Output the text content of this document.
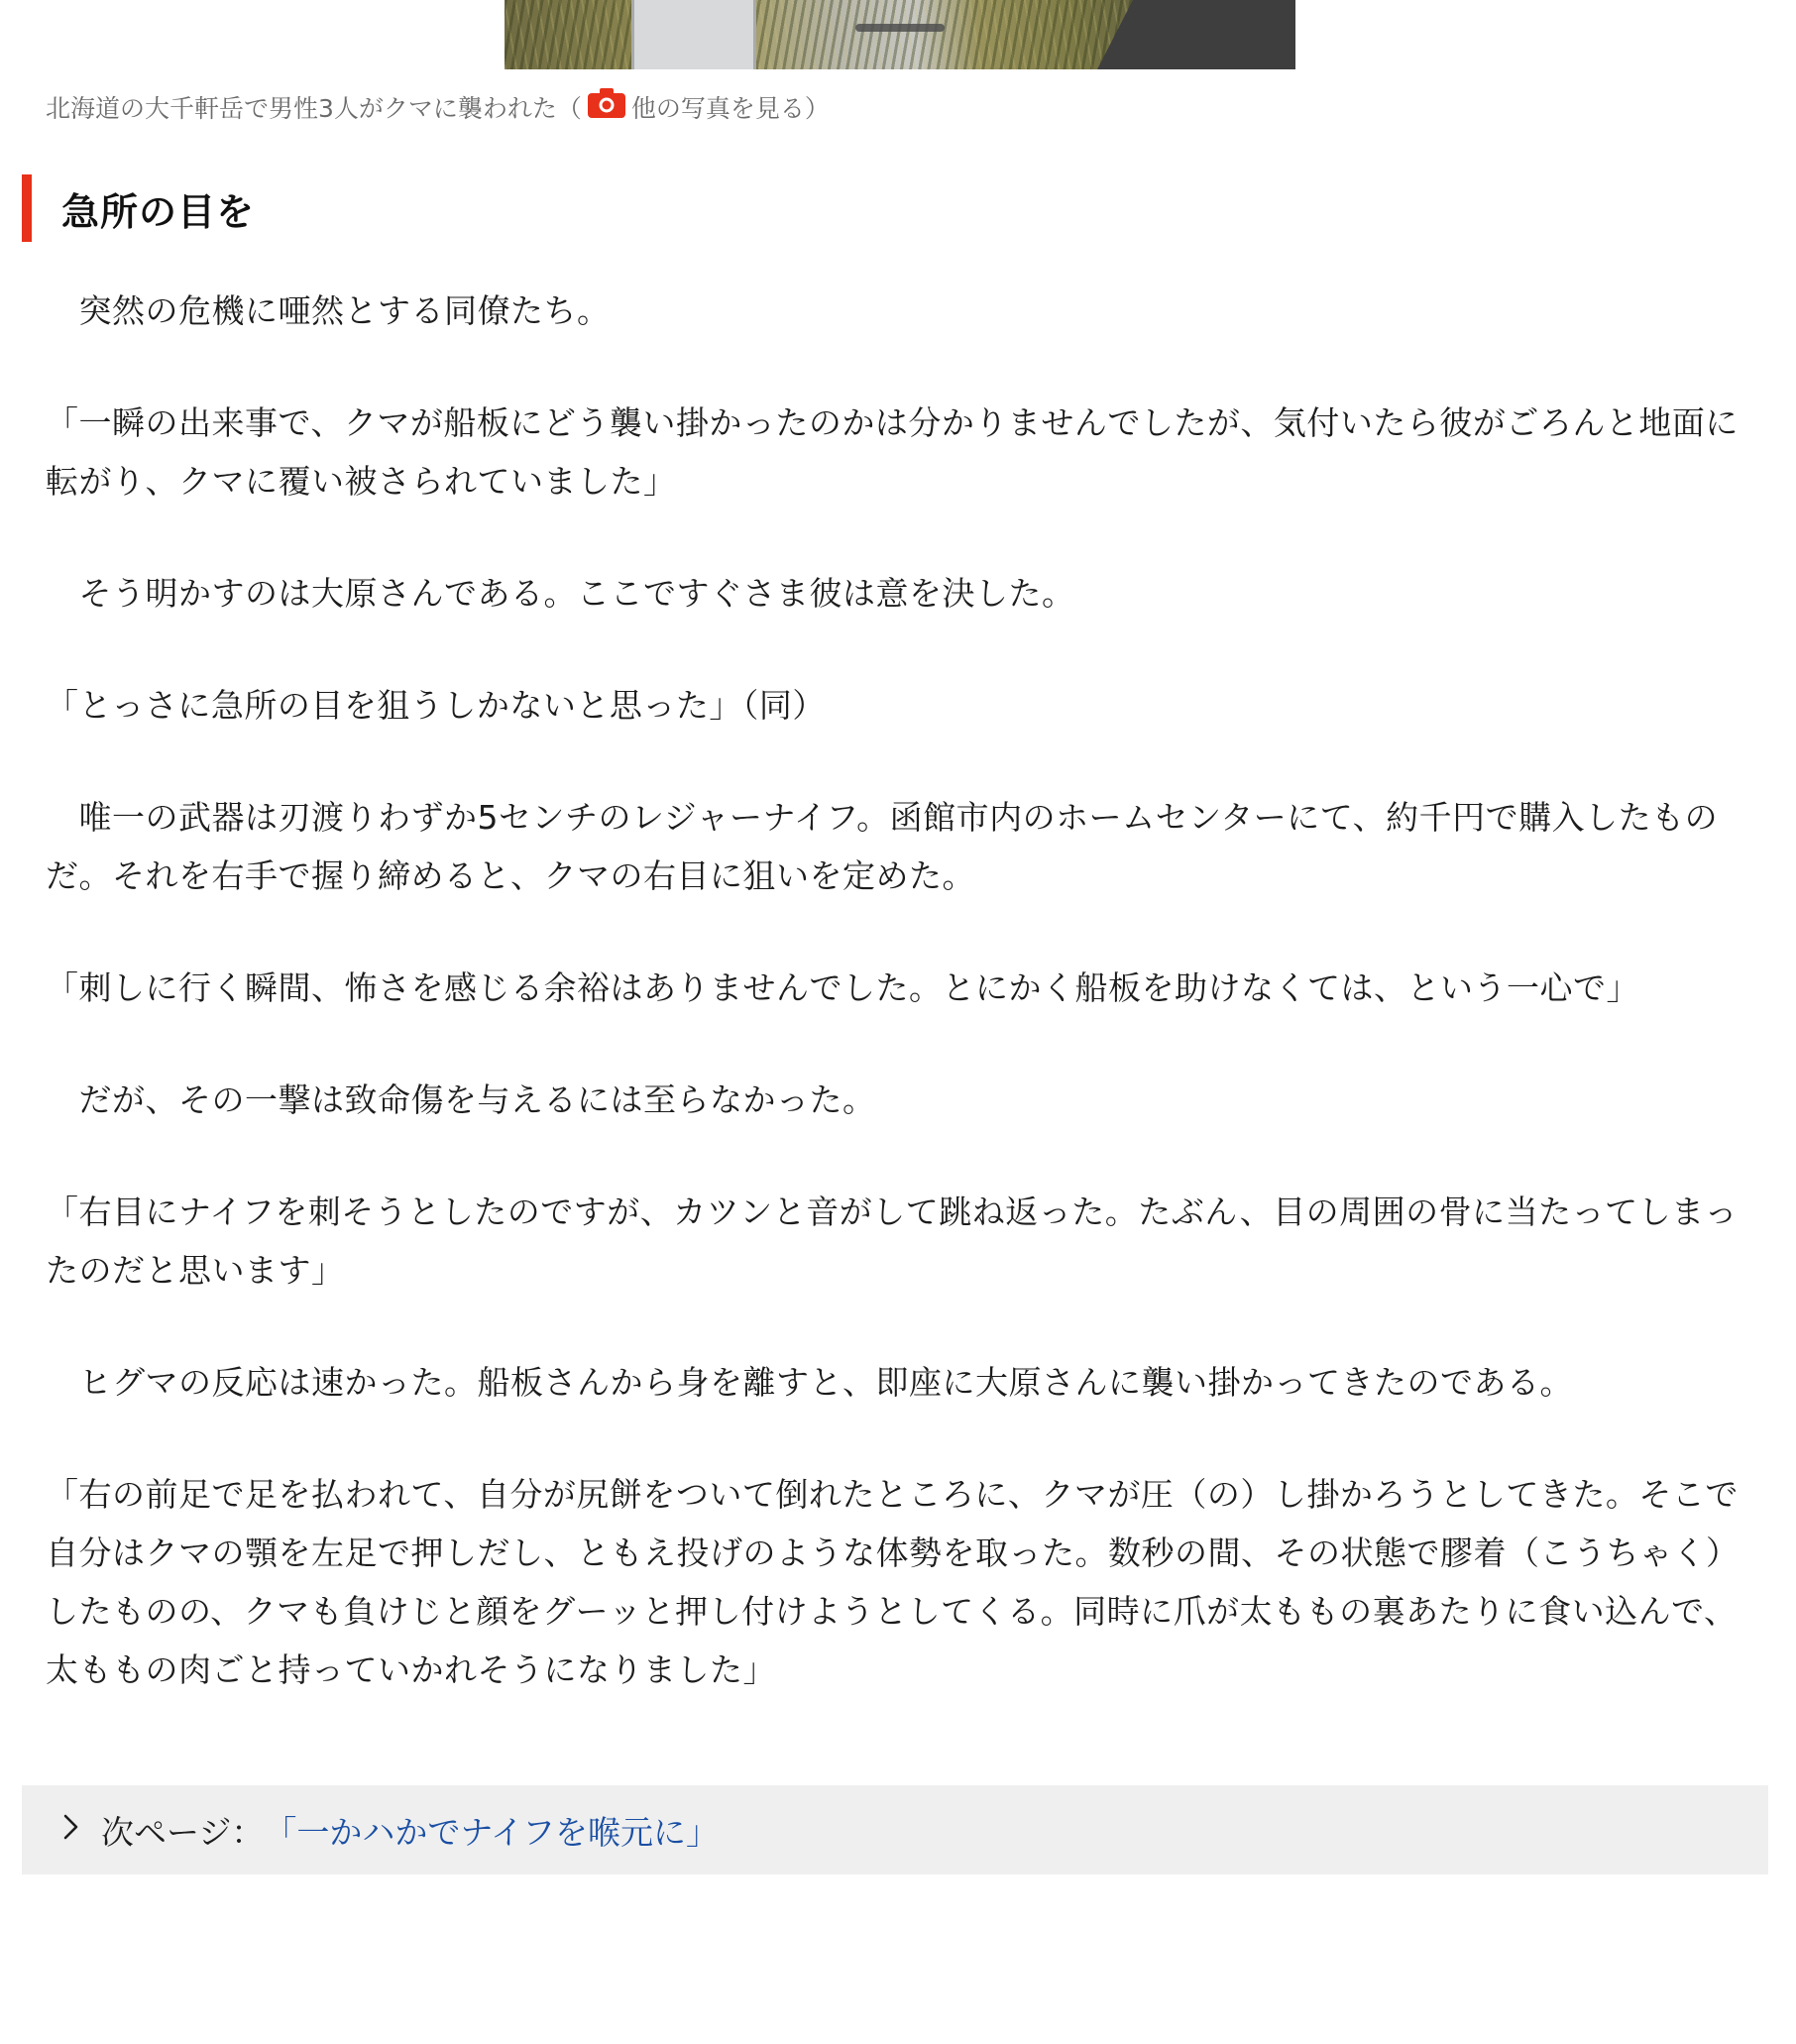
北海道の大千軒岳で男性3人がクマに襲われた（ 他の写真を見る）
急所の目を

　突然の危機に唖然とする同僚たち。

「一瞬の出来事で、クマが船板にどう襲い掛かったのかは分かりませんでしたが、気付いたら彼がごろんと地面に転がり、クマに覆い被さられていました」

　そう明かすのは大原さんである。ここですぐさま彼は意を決した。

「とっさに急所の目を狙うしかないと思った」（同）

　唯一の武器は刃渡りわずか5センチのレジャーナイフ。函館市内のホームセンターにて、約千円で購入したものだ。それを右手で握り締めると、クマの右目に狙いを定めた。

「刺しに行く瞬間、怖さを感じる余裕はありませんでした。とにかく船板を助けなくては、という一心で」

　だが、その一撃は致命傷を与えるには至らなかった。

「右目にナイフを刺そうとしたのですが、カツンと音がして跳ね返った。たぶん、目の周囲の骨に当たってしまったのだと思います」

　ヒグマの反応は速かった。船板さんから身を離すと、即座に大原さんに襲い掛かってきたのである。

「右の前足で足を払われて、自分が尻餅をついて倒れたところに、クマが圧（の）し掛かろうとしてきた。そこで自分はクマの顎を左足で押しだし、ともえ投げのような体勢を取った。数秒の間、その状態で膠着（こうちゃく）したものの、クマも負けじと顔をグーッと押し付けようとしてくる。同時に爪が太ももの裏あたりに食い込んで、太ももの肉ごと持っていかれそうになりました」

次ページ： 「一かハかでナイフを喉元に」
